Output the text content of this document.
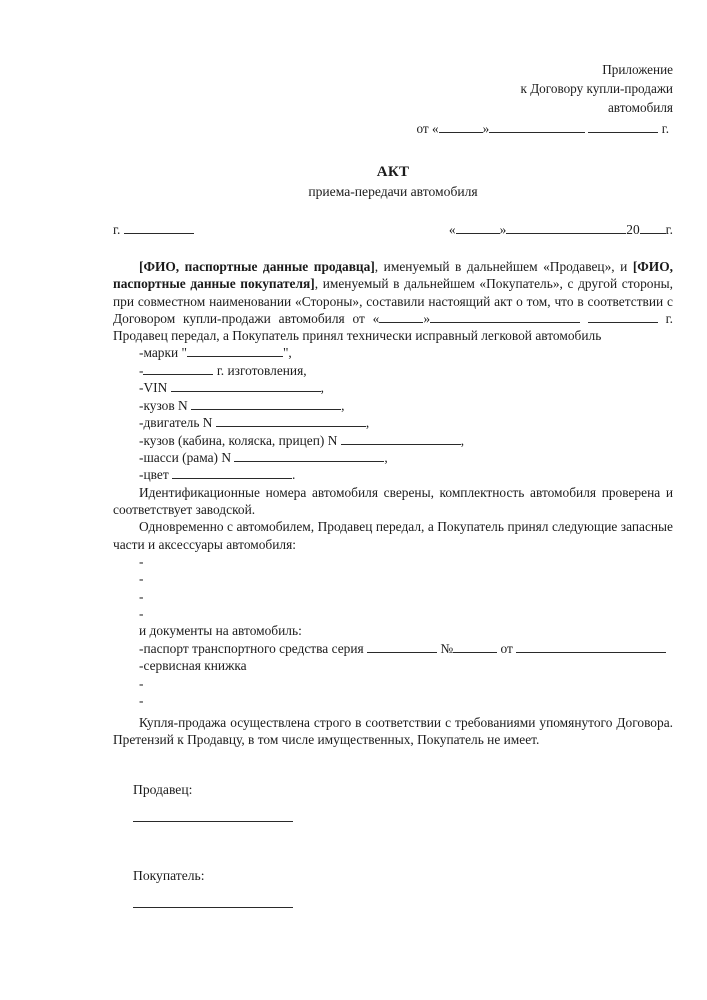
Приложение
к Договору купли-продажи
автомобиля
от «	»	г.
АКТ
приема-передачи автомобиля
г.	«	»	20 г.

[ФИО, паспортные данные продавца], именуемый в дальнейшем «Продавец», и [ФИО, паспортные данные покупателя], именуемый в дальнейшем «Покупатель», с другой стороны, при совместном наименовании «Стороны», составили настоящий акт о том, что в соответствии с Договором купли-продажи автомобиля от «	»	г. Продавец передал, а Покупатель принял технически исправный легковой автомобиль

-марки "	",
-	г. изготовления,
-VIN	,
-кузов N	,
-двигатель N	,
-кузов (кабина, коляска, прицеп) N	,
-шасси (рама) N	,
-цвет	.

Идентификационные номера автомобиля сверены, комплектность автомобиля проверена и соответствует заводской.

Одновременно с автомобилем, Продавец передал, а Покупатель принял следующие запасные части и аксессуары автомобиля:

-
-
-
-
и документы на автомобиль:
-паспорт транспортного средства серия	№	от
-сервисная книжка
-
-

Купля-продажа осуществлена строго в соответствии с требованиями упомянутого Договора. Претензий к Продавцу, в том числе имущественных, Покупатель не имеет.

Продавец:
Покупатель:
